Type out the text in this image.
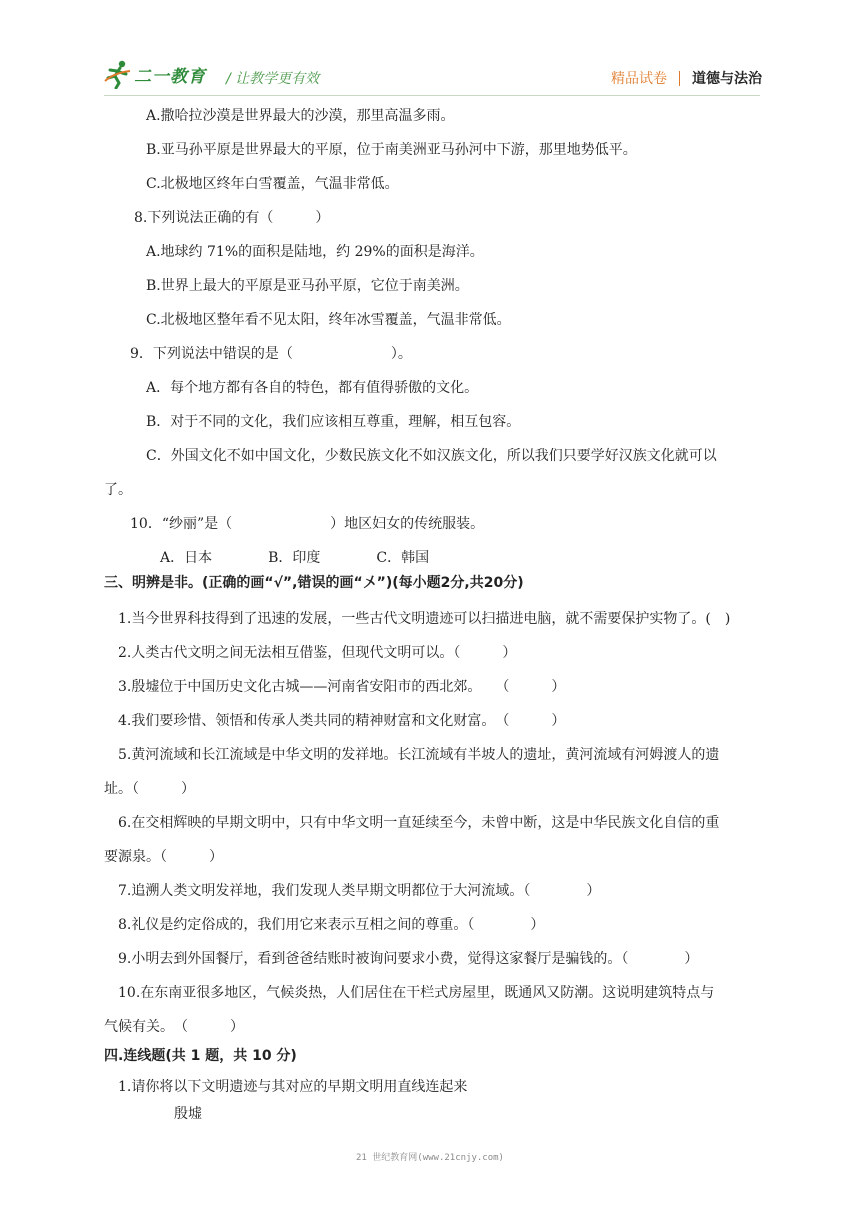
二一教育 / 让教学更有效	精品试卷 道德与法治
A.撒哈拉沙漠是世界最大的沙漠，那里高温多雨。
B.亚马孙平原是世界最大的平原，位于南美洲亚马孙河中下游，那里地势低平。
C.北极地区终年白雪覆盖，气温非常低。
8.下列说法正确的有（　　　）
A.地球约 71%的面积是陆地，约 29%的面积是海洋。
B.世界上最大的平原是亚马孙平原，它位于南美洲。
C.北极地区整年看不见太阳，终年冰雪覆盖，气温非常低。
9．下列说法中错误的是（　　　　　　　）。
A．每个地方都有各自的特色，都有值得骄傲的文化。
B．对于不同的文化，我们应该相互尊重，理解，相互包容。
C．外国文化不如中国文化，少数民族文化不如汉族文化，所以我们只要学好汉族文化就可以
了。
10．“纱丽”是（　　　　　　　）地区妇女的传统服装。
A．日本　　　　B．印度　　　　C．韩国
三、明辨是非。(正确的画“√”,错误的画“〤”)(每小题2分,共20分)
1.当今世界科技得到了迅速的发展，一些古代文明遗迹可以扫描进电脑，就不需要保护实物了。(　)
2.人类古代文明之间无法相互借鉴，但现代文明可以。（　　　）
3.殷墟位于中国历史文化古城——河南省安阳市的西北郊。　　（　　　）
4.我们要珍惜、领悟和传承人类共同的精神财富和文化财富。　（　　　）
5.黄河流域和长江流域是中华文明的发祥地。长江流域有半坡人的遗址，黄河流域有河姆渡人的遗
址。（　　　）
6.在交相辉映的早期文明中，只有中华文明一直延续至今，未曾中断，这是中华民族文化自信的重
要源泉。（　　　）
7.追溯人类文明发祥地，我们发现人类早期文明都位于大河流域。（　　　　）
8.礼仪是约定俗成的，我们用它来表示互相之间的尊重。（　　　　）
9.小明去到外国餐厅，看到爸爸结账时被询问要求小费，觉得这家餐厅是骗钱的。（　　　　）
10.在东南亚很多地区，气候炎热，人们居住在干栏式房屋里，既通风又防潮。这说明建筑特点与
气候有关。　（　　　）
四.连线题(共 1 题，共 10 分)
1.请你将以下文明遗迹与其对应的早期文明用直线连起来
殷墟
21 世纪教育网(www.21cnjy.com)
